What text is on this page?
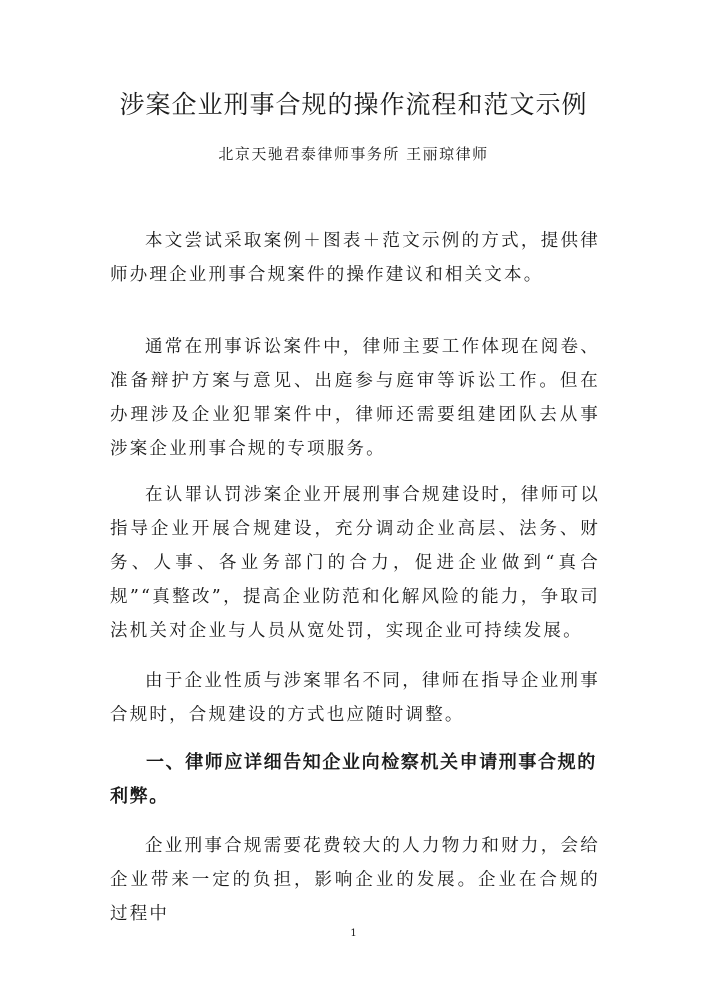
涉案企业刑事合规的操作流程和范文示例
北京天驰君泰律师事务所 王丽琼律师

本文尝试采取案例＋图表＋范文示例的方式，提供律师办理企业刑事合规案件的操作建议和相关文本。

通常在刑事诉讼案件中，律师主要工作体现在阅卷、准备辩护方案与意见、出庭参与庭审等诉讼工作。但在办理涉及企业犯罪案件中，律师还需要组建团队去从事涉案企业刑事合规的专项服务。

在认罪认罚涉案企业开展刑事合规建设时，律师可以指导企业开展合规建设，充分调动企业高层、法务、财务、人事、各业务部门的合力，促进企业做到“真合规”“真整改”，提高企业防范和化解风险的能力，争取司法机关对企业与人员从宽处罚，实现企业可持续发展。

由于企业性质与涉案罪名不同，律师在指导企业刑事合规时，合规建设的方式也应随时调整。

一、律师应详细告知企业向检察机关申请刑事合规的利弊。

企业刑事合规需要花费较大的人力物力和财力，会给企业带来一定的负担，影响企业的发展。企业在合规的过程中

1
